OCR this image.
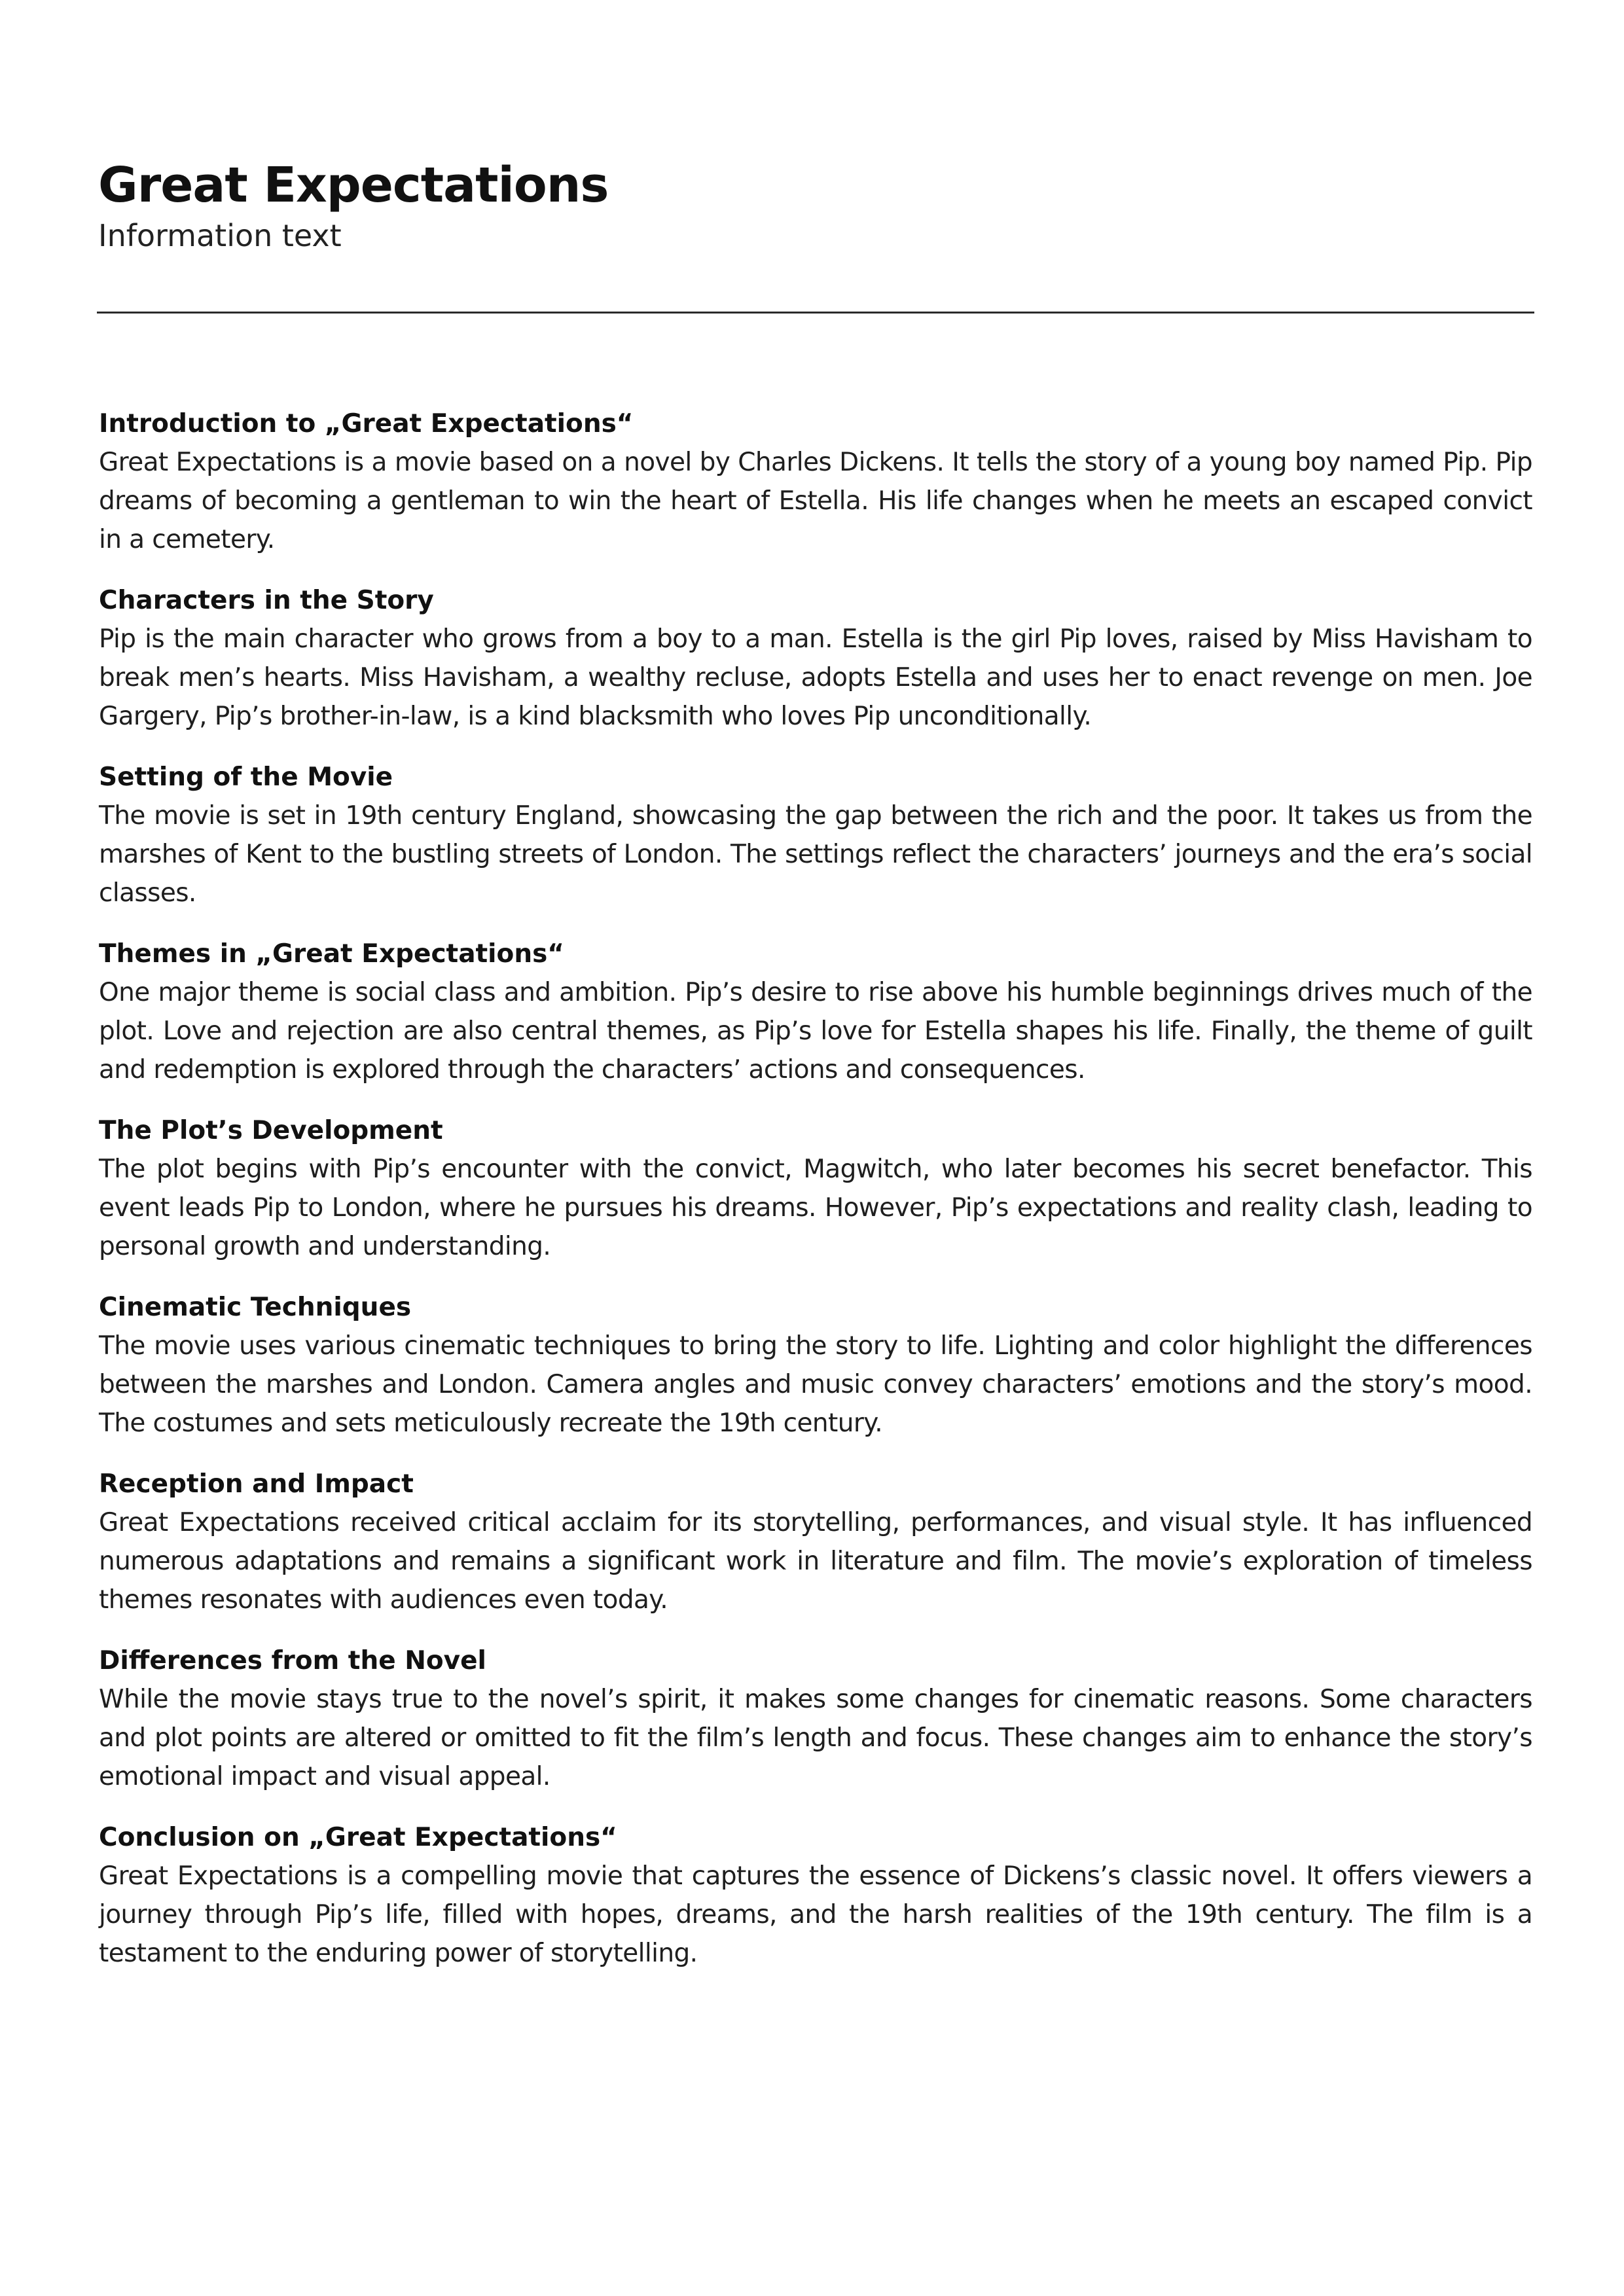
Great Expectations
Information text
Introduction to „Great Expectations“

Great Expectations is a movie based on a novel by Charles Dickens. It tells the story of a young boy named Pip. Pip dreams of becoming a gentleman to win the heart of Estella. His life changes when he meets an escaped convict in a cemetery.

Characters in the Story

Pip is the main character who grows from a boy to a man. Estella is the girl Pip loves, raised by Miss Havisham to break men’s hearts. Miss Havisham, a wealthy recluse, adopts Estella and uses her to enact revenge on men. Joe Gargery, Pip’s brother-in-law, is a kind blacksmith who loves Pip unconditionally.

Setting of the Movie

The movie is set in 19th century England, showcasing the gap between the rich and the poor. It takes us from the marshes of Kent to the bustling streets of London. The settings reflect the characters’ journeys and the era’s social classes.

Themes in „Great Expectations“

One major theme is social class and ambition. Pip’s desire to rise above his humble beginnings drives much of the plot. Love and rejection are also central themes, as Pip’s love for Estella shapes his life. Finally, the theme of guilt and redemption is explored through the characters’ actions and consequences.

The Plot’s Development

The plot begins with Pip’s encounter with the convict, Magwitch, who later becomes his secret benefactor. This event leads Pip to London, where he pursues his dreams. However, Pip’s expectations and reality clash, leading to personal growth and understanding.

Cinematic Techniques

The movie uses various cinematic techniques to bring the story to life. Lighting and color highlight the differences between the marshes and London. Camera angles and music convey characters’ emotions and the story’s mood. The costumes and sets meticulously recreate the 19th century.

Reception and Impact

Great Expectations received critical acclaim for its storytelling, performances, and visual style. It has influenced numerous adaptations and remains a significant work in literature and film. The movie’s exploration of timeless themes resonates with audiences even today.

Differences from the Novel

While the movie stays true to the novel’s spirit, it makes some changes for cinematic reasons. Some characters and plot points are altered or omitted to fit the film’s length and focus. These changes aim to enhance the story’s emotional impact and visual appeal.

Conclusion on „Great Expectations“

Great Expectations is a compelling movie that captures the essence of Dickens’s classic novel. It offers viewers a journey through Pip’s life, filled with hopes, dreams, and the harsh realities of the 19th century. The film is a testament to the enduring power of storytelling.
